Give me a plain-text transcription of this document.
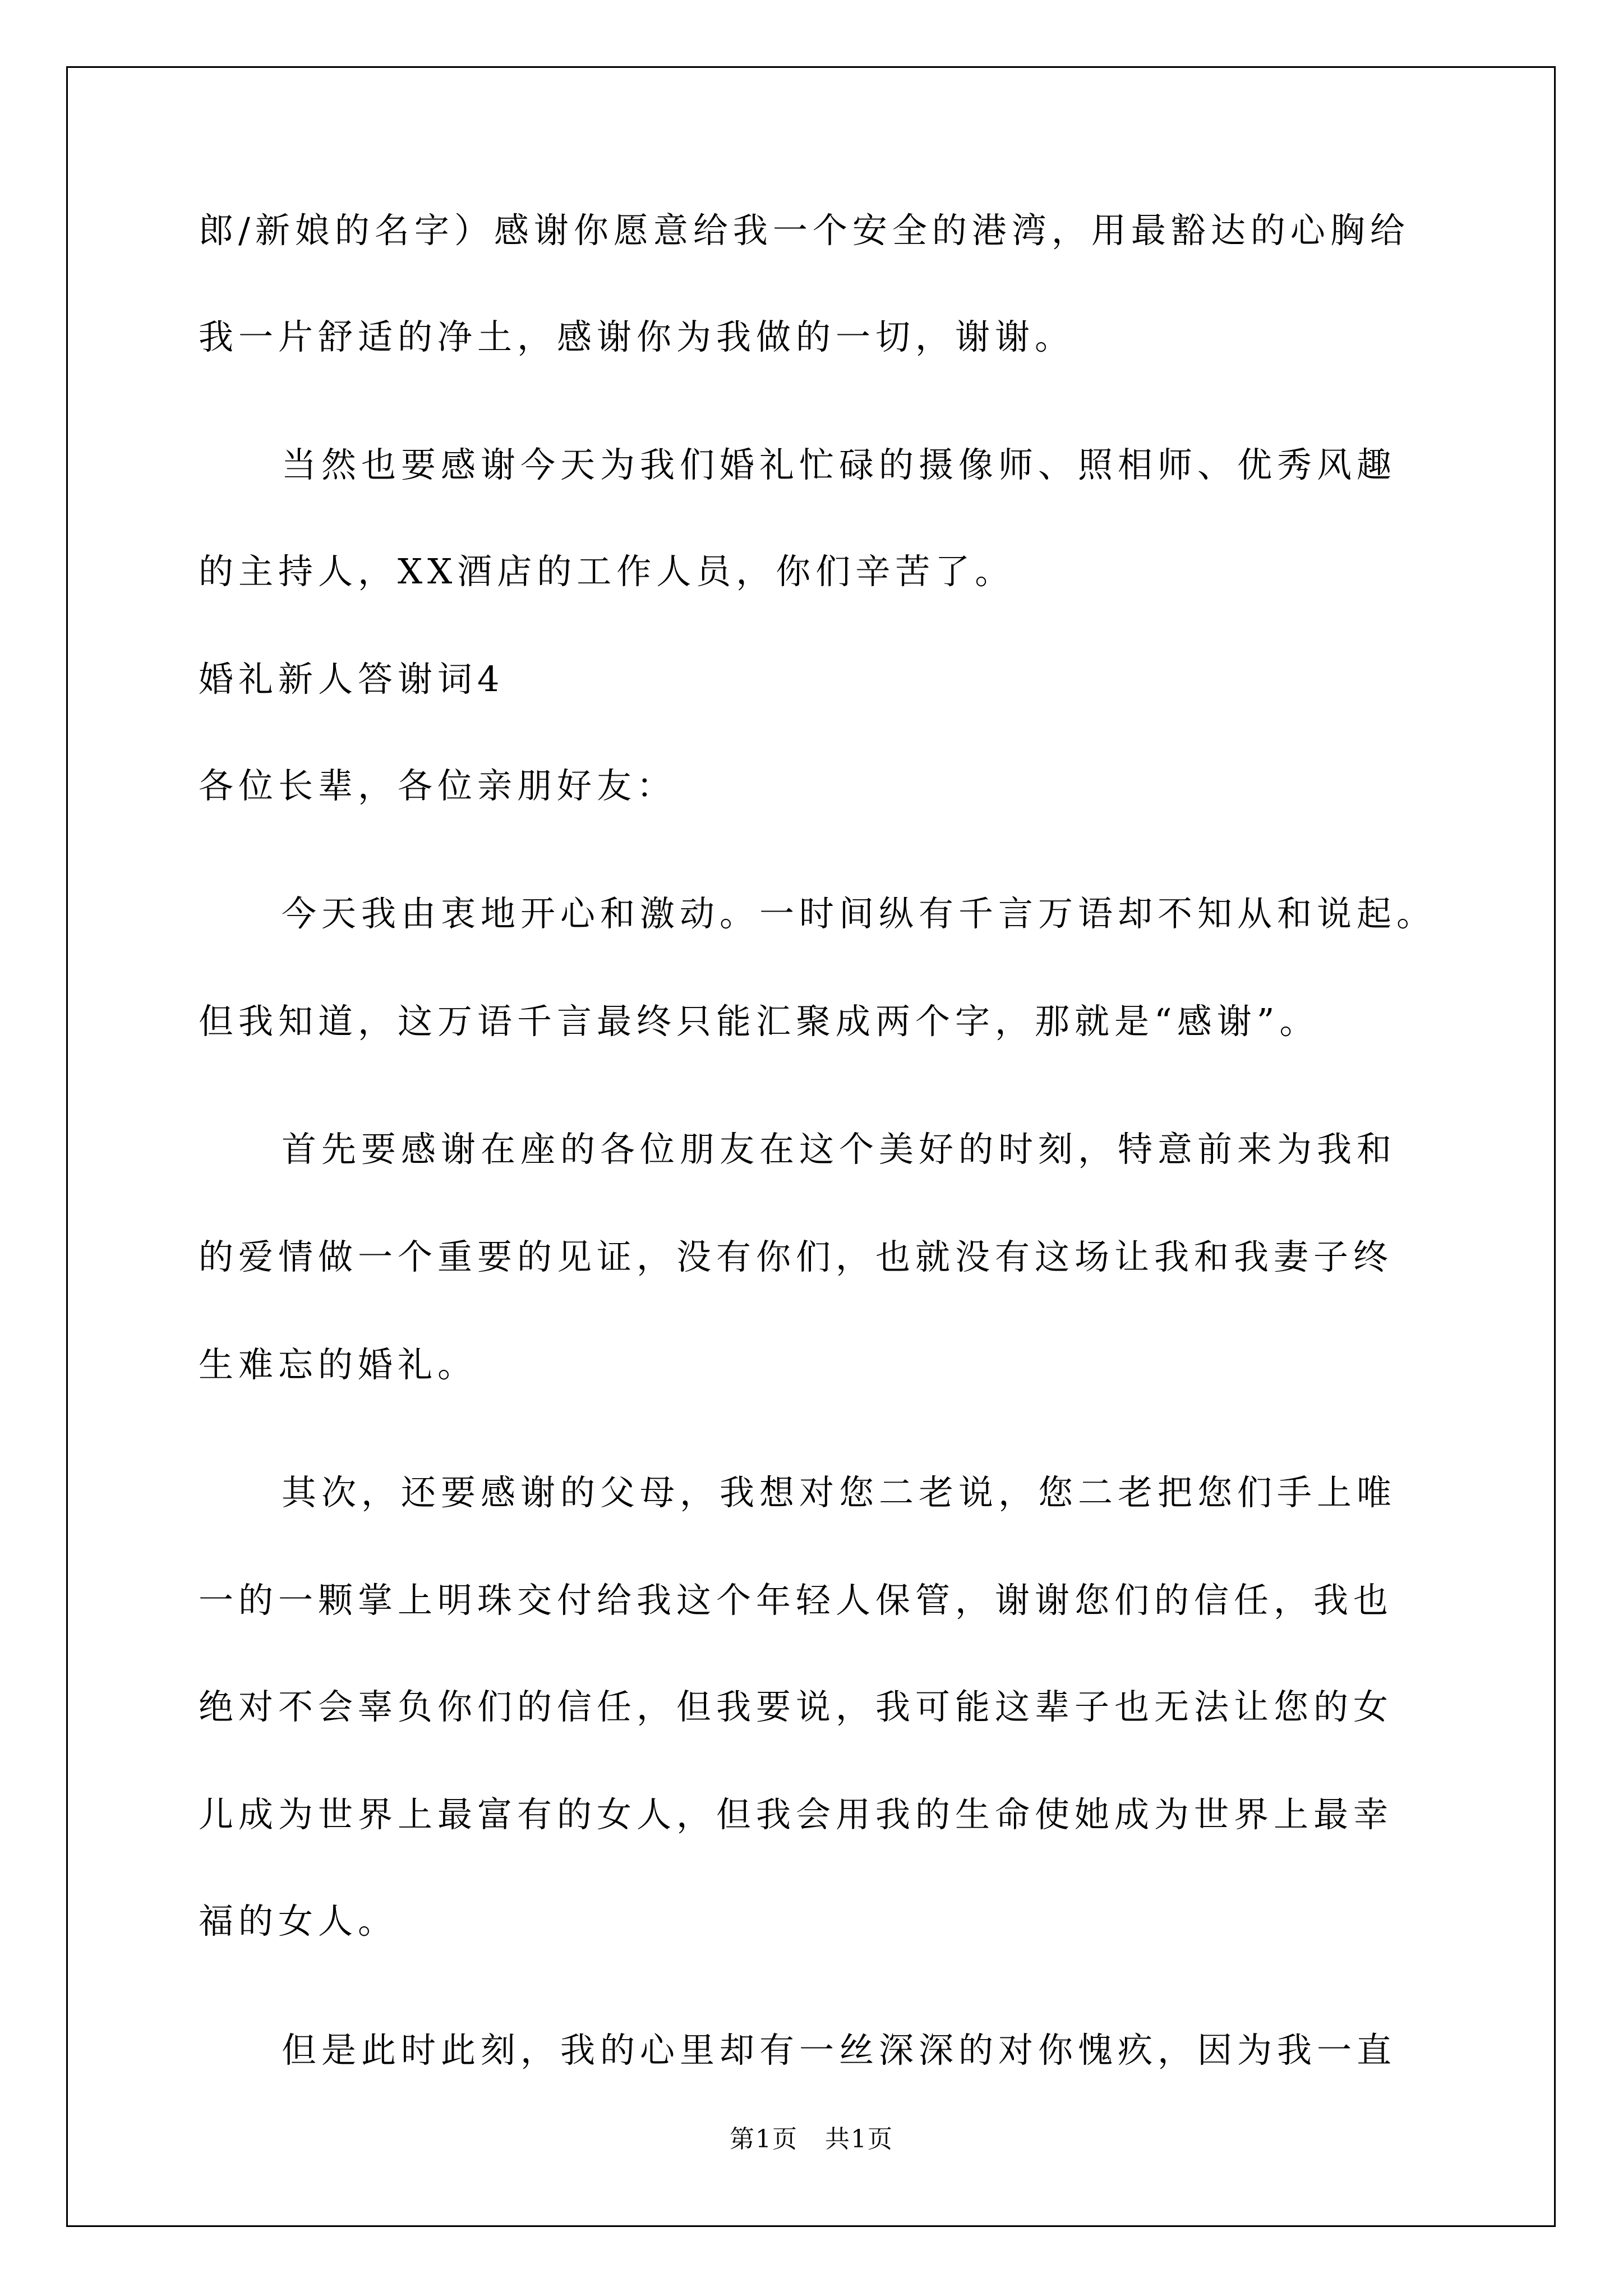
郎/新娘的名字）感谢你愿意给我一个安全的港湾，用最豁达的心胸给
我一片舒适的净土，感谢你为我做的一切，谢谢。
当然也要感谢今天为我们婚礼忙碌的摄像师、照相师、优秀风趣
的主持人，XX酒店的工作人员，你们辛苦了。
婚礼新人答谢词4
各位长辈，各位亲朋好友：
今天我由衷地开心和激动。一时间纵有千言万语却不知从和说起。
但我知道，这万语千言最终只能汇聚成两个字，那就是“感谢”。
首先要感谢在座的各位朋友在这个美好的时刻，特意前来为我和
的爱情做一个重要的见证，没有你们，也就没有这场让我和我妻子终
生难忘的婚礼。
其次，还要感谢的父母，我想对您二老说，您二老把您们手上唯
一的一颗掌上明珠交付给我这个年轻人保管，谢谢您们的信任，我也
绝对不会辜负你们的信任，但我要说，我可能这辈子也无法让您的女
儿成为世界上最富有的女人，但我会用我的生命使她成为世界上最幸
福的女人。
但是此时此刻，我的心里却有一丝深深的对你愧疚，因为我一直
第1页 共1页
